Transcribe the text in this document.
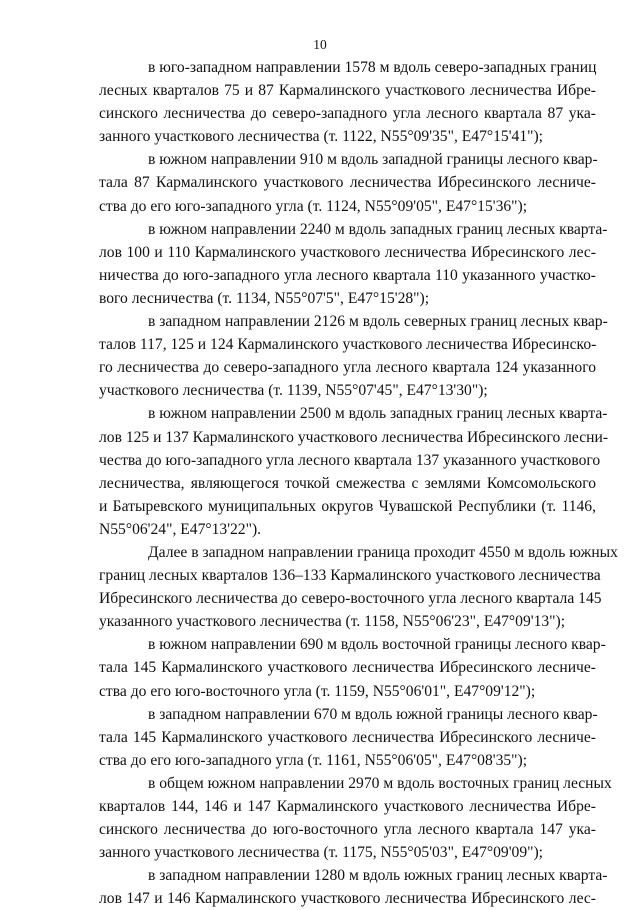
10

в юго-западном направлении 1578 м вдоль северо-западных границ
лесных кварталов 75 и 87 Кармалинского участкового лесничества Ибре-
синского лесничества до северо-западного угла лесного квартала 87 ука-
занного участкового лесничества (т. 1122, N55°09'35", E47°15'41");

в южном направлении 910 м вдоль западной границы лесного квар-
тала 87 Кармалинского участкового лесничества Ибресинского лесниче-
ства до его юго-западного угла (т. 1124, N55°09'05", E47°15'36");

в южном направлении 2240 м вдоль западных границ лесных кварта-
лов 100 и 110 Кармалинского участкового лесничества Ибресинского лес-
ничества до юго-западного угла лесного квартала 110 указанного участко-
вого лесничества (т. 1134, N55°07'5", E47°15'28");

в западном направлении 2126 м вдоль северных границ лесных квар-
талов 117, 125 и 124 Кармалинского участкового лесничества Ибресинско-
го лесничества до северо-западного угла лесного квартала 124 указанного
участкового лесничества (т. 1139, N55°07'45", E47°13'30");

в южном направлении 2500 м вдоль западных границ лесных кварта-
лов 125 и 137 Кармалинского участкового лесничества Ибресинского лесни-
чества до юго-западного угла лесного квартала 137 указанного участкового
лесничества, являющегося точкой смежества с землями Комсомольского
и Батыревского муниципальных округов Чувашской Республики (т. 1146,
N55°06'24", E47°13'22").

Далее в западном направлении граница проходит 4550 м вдоль южных
границ лесных кварталов 136–133 Кармалинского участкового лесничества
Ибресинского лесничества до северо-восточного угла лесного квартала 145
указанного участкового лесничества (т. 1158, N55°06'23", E47°09'13");

в южном направлении 690 м вдоль восточной границы лесного квар-
тала 145 Кармалинского участкового лесничества Ибресинского лесниче-
ства до его юго-восточного угла (т. 1159, N55°06'01", E47°09'12");

в западном направлении 670 м вдоль южной границы лесного квар-
тала 145 Кармалинского участкового лесничества Ибресинского лесниче-
ства до его юго-западного угла (т. 1161, N55°06'05", E47°08'35");

в общем южном направлении 2970 м вдоль восточных границ лесных
кварталов 144, 146 и 147 Кармалинского участкового лесничества Ибре-
синского лесничества до юго-восточного угла лесного квартала 147 ука-
занного участкового лесничества (т. 1175, N55°05'03", E47°09'09");

в западном направлении 1280 м вдоль южных границ лесных кварта-
лов 147 и 146 Кармалинского участкового лесничества Ибресинского лес-
